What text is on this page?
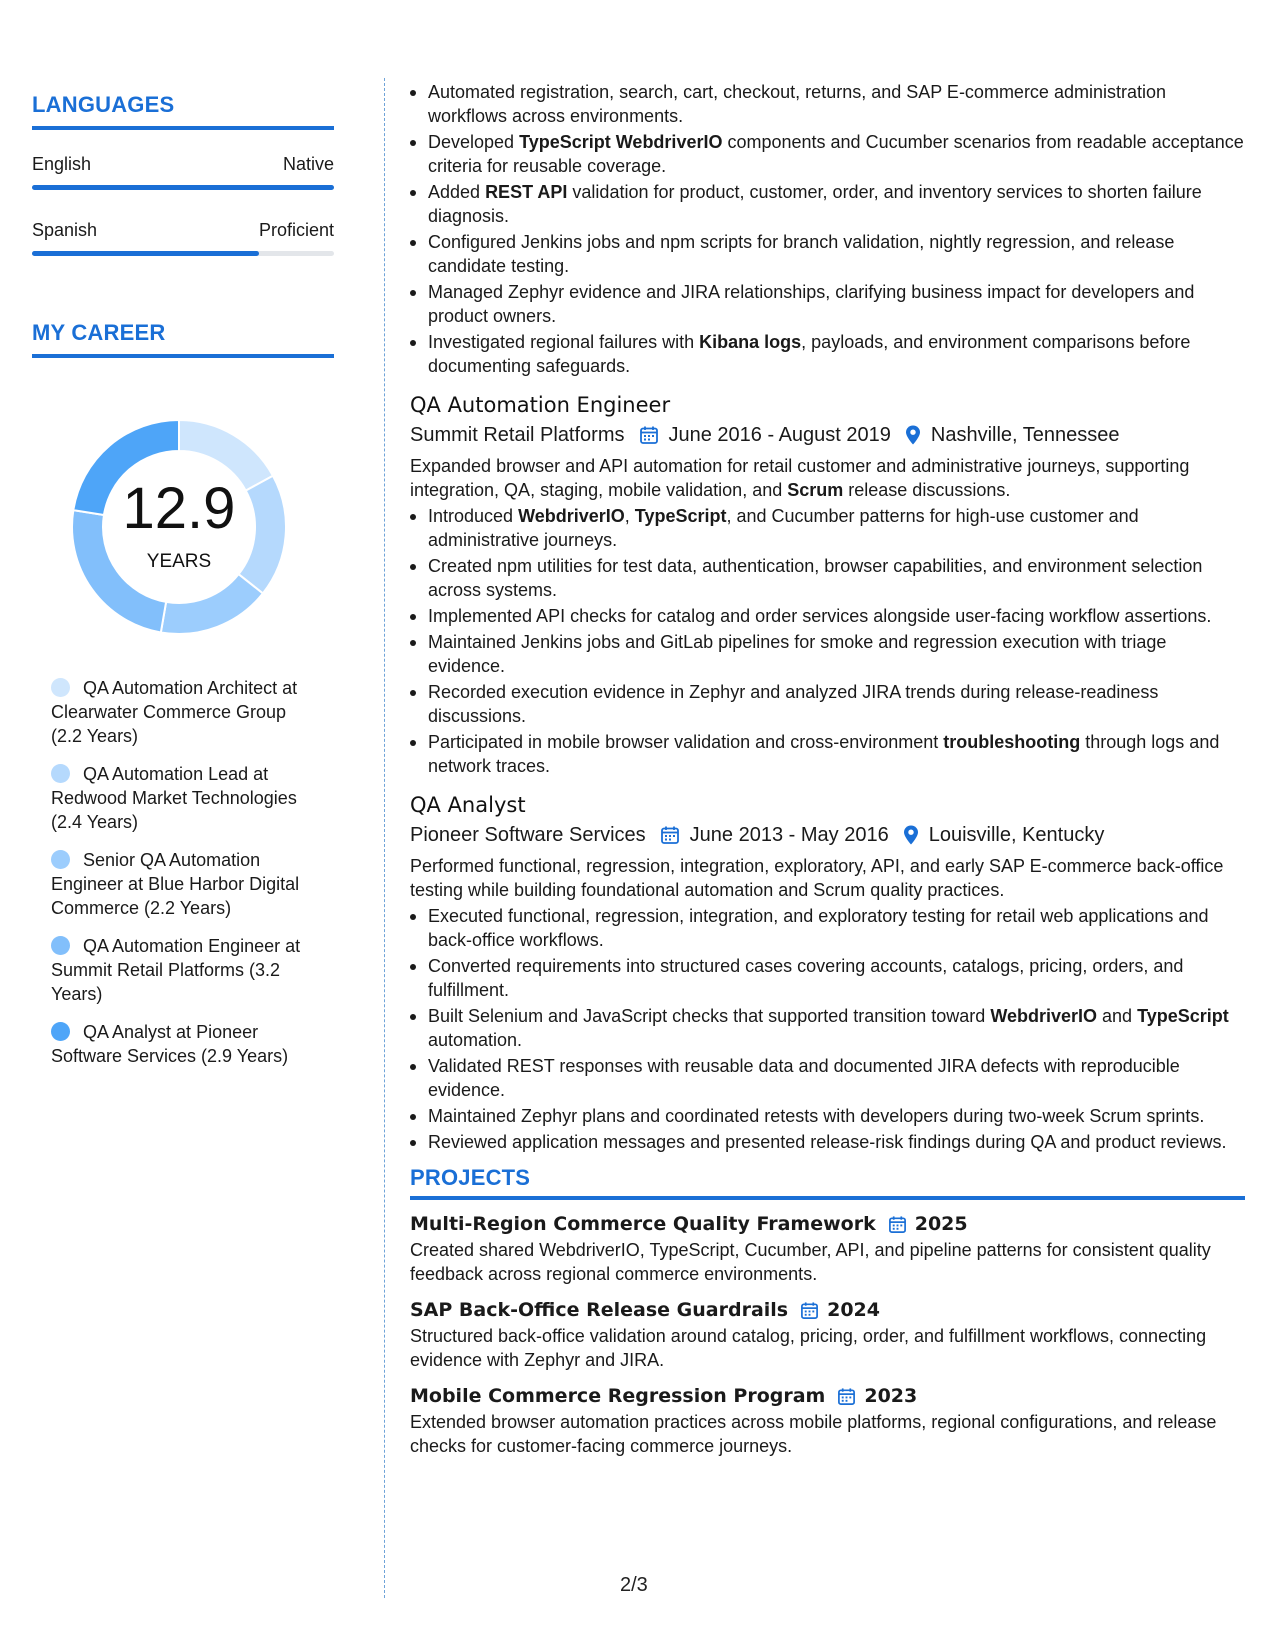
LANGUAGES
English	Native
Spanish	Proficient
MY CAREER
12.9
YEARS
QA Automation Architect at Clearwater Commerce Group (2.2 Years)
QA Automation Lead at Redwood Market Technologies (2.4 Years)
Senior QA Automation Engineer at Blue Harbor Digital Commerce (2.2 Years)
QA Automation Engineer at Summit Retail Platforms (3.2 Years)
QA Analyst at Pioneer Software Services (2.9 Years)
Automated registration, search, cart, checkout, returns, and SAP E-commerce administration workflows across environments.
Developed TypeScript WebdriverIO components and Cucumber scenarios from readable acceptance criteria for reusable coverage.
Added REST API validation for product, customer, order, and inventory services to shorten failure diagnosis.
Configured Jenkins jobs and npm scripts for branch validation, nightly regression, and release candidate testing.
Managed Zephyr evidence and JIRA relationships, clarifying business impact for developers and product owners.
Investigated regional failures with Kibana logs, payloads, and environment comparisons before documenting safeguards.
QA Automation Engineer
Summit Retail Platforms June 2016 - August 2019 Nashville, Tennessee
Expanded browser and API automation for retail customer and administrative journeys, supporting integration, QA, staging, mobile validation, and Scrum release discussions.
Introduced WebdriverIO, TypeScript, and Cucumber patterns for high-use customer and administrative journeys.
Created npm utilities for test data, authentication, browser capabilities, and environment selection across systems.
Implemented API checks for catalog and order services alongside user-facing workflow assertions.
Maintained Jenkins jobs and GitLab pipelines for smoke and regression execution with triage evidence.
Recorded execution evidence in Zephyr and analyzed JIRA trends during release-readiness discussions.
Participated in mobile browser validation and cross-environment troubleshooting through logs and network traces.
QA Analyst
Pioneer Software Services June 2013 - May 2016 Louisville, Kentucky
Performed functional, regression, integration, exploratory, API, and early SAP E-commerce back-office testing while building foundational automation and Scrum quality practices.
Executed functional, regression, integration, and exploratory testing for retail web applications and back-office workflows.
Converted requirements into structured cases covering accounts, catalogs, pricing, orders, and fulfillment.
Built Selenium and JavaScript checks that supported transition toward WebdriverIO and TypeScript automation.
Validated REST responses with reusable data and documented JIRA defects with reproducible evidence.
Maintained Zephyr plans and coordinated retests with developers during two-week Scrum sprints.
Reviewed application messages and presented release-risk findings during QA and product reviews.
PROJECTS
Multi-Region Commerce Quality Framework 2025
Created shared WebdriverIO, TypeScript, Cucumber, API, and pipeline patterns for consistent quality feedback across regional commerce environments.
SAP Back-Office Release Guardrails 2024
Structured back-office validation around catalog, pricing, order, and fulfillment workflows, connecting evidence with Zephyr and JIRA.
Mobile Commerce Regression Program 2023
Extended browser automation practices across mobile platforms, regional configurations, and release checks for customer-facing commerce journeys.
2/3
